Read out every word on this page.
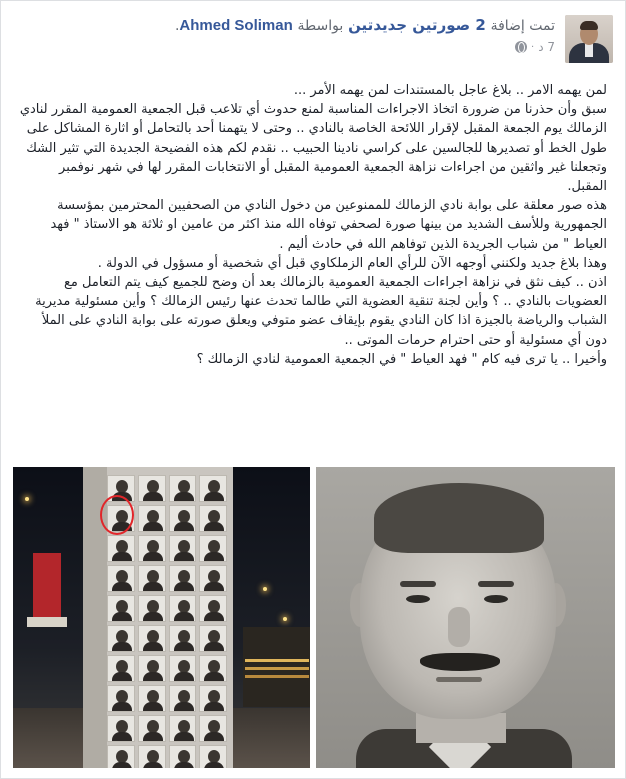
تمت إضافة 2 صورتين جديدتين بواسطة Ahmed Soliman.
7 د
·

لمن يهمه الامر .. بلاغ عاجل بالمستندات لمن يهمه الأمر ...

سبق وأن حذرنا من ضرورة اتخاذ الاجراءات المناسبة لمنع حدوث أي تلاعب قبل الجمعية العمومية المقرر لنادي الزمالك يوم الجمعة المقبل لإقرار اللائحة الخاصة بالنادي .. وحتى لا يتهمنا أحد بالتحامل أو اثارة المشاكل على طول الخط أو تصديرها للجالسين على كراسي نادينا الحبيب .. نقدم لكم هذه الفضيحة الجديدة التي تثير الشك وتجعلنا غير واثقين من اجراءات نزاهة الجمعية العمومية المقبل أو الانتخابات المقرر لها في شهر نوفمبر المقبل.

هذه صور معلقة على بوابة نادي الزمالك للممنوعين من دخول النادي من الصحفيين المحترمين بمؤسسة الجمهورية وللأسف الشديد من بينها صورة لصحفي توفاه الله منذ اكثر من عامين او ثلاثة هو الاستاذ " فهد العياط " من شباب الجريدة الذين توفاهم الله في حادث أليم .

وهذا بلاغ جديد ولكنني أوجهه الآن للرأي العام الزملكاوي قبل أي شخصية أو مسؤول في الدولة .

اذن .. كيف نثق في نزاهة اجراءات الجمعية العمومية بالزمالك بعد أن وضح للجميع كيف يتم التعامل مع العضويات بالنادي .. ؟ وأين لجنة تنقية العضوية التي طالما تحدث عنها رئيس الزمالك ؟ وأين مسئولية مديرية الشباب والرياضة بالجيزة اذا كان النادي يقوم بإيقاف عضو متوفي ويعلق صورته على بوابة النادي على الملأ دون أي مسئولية أو حتى احترام حرمات الموتى ..

وأخيرا .. يا ترى فيه كام " فهد العياط " في الجمعية العمومية لنادي الزمالك ؟
